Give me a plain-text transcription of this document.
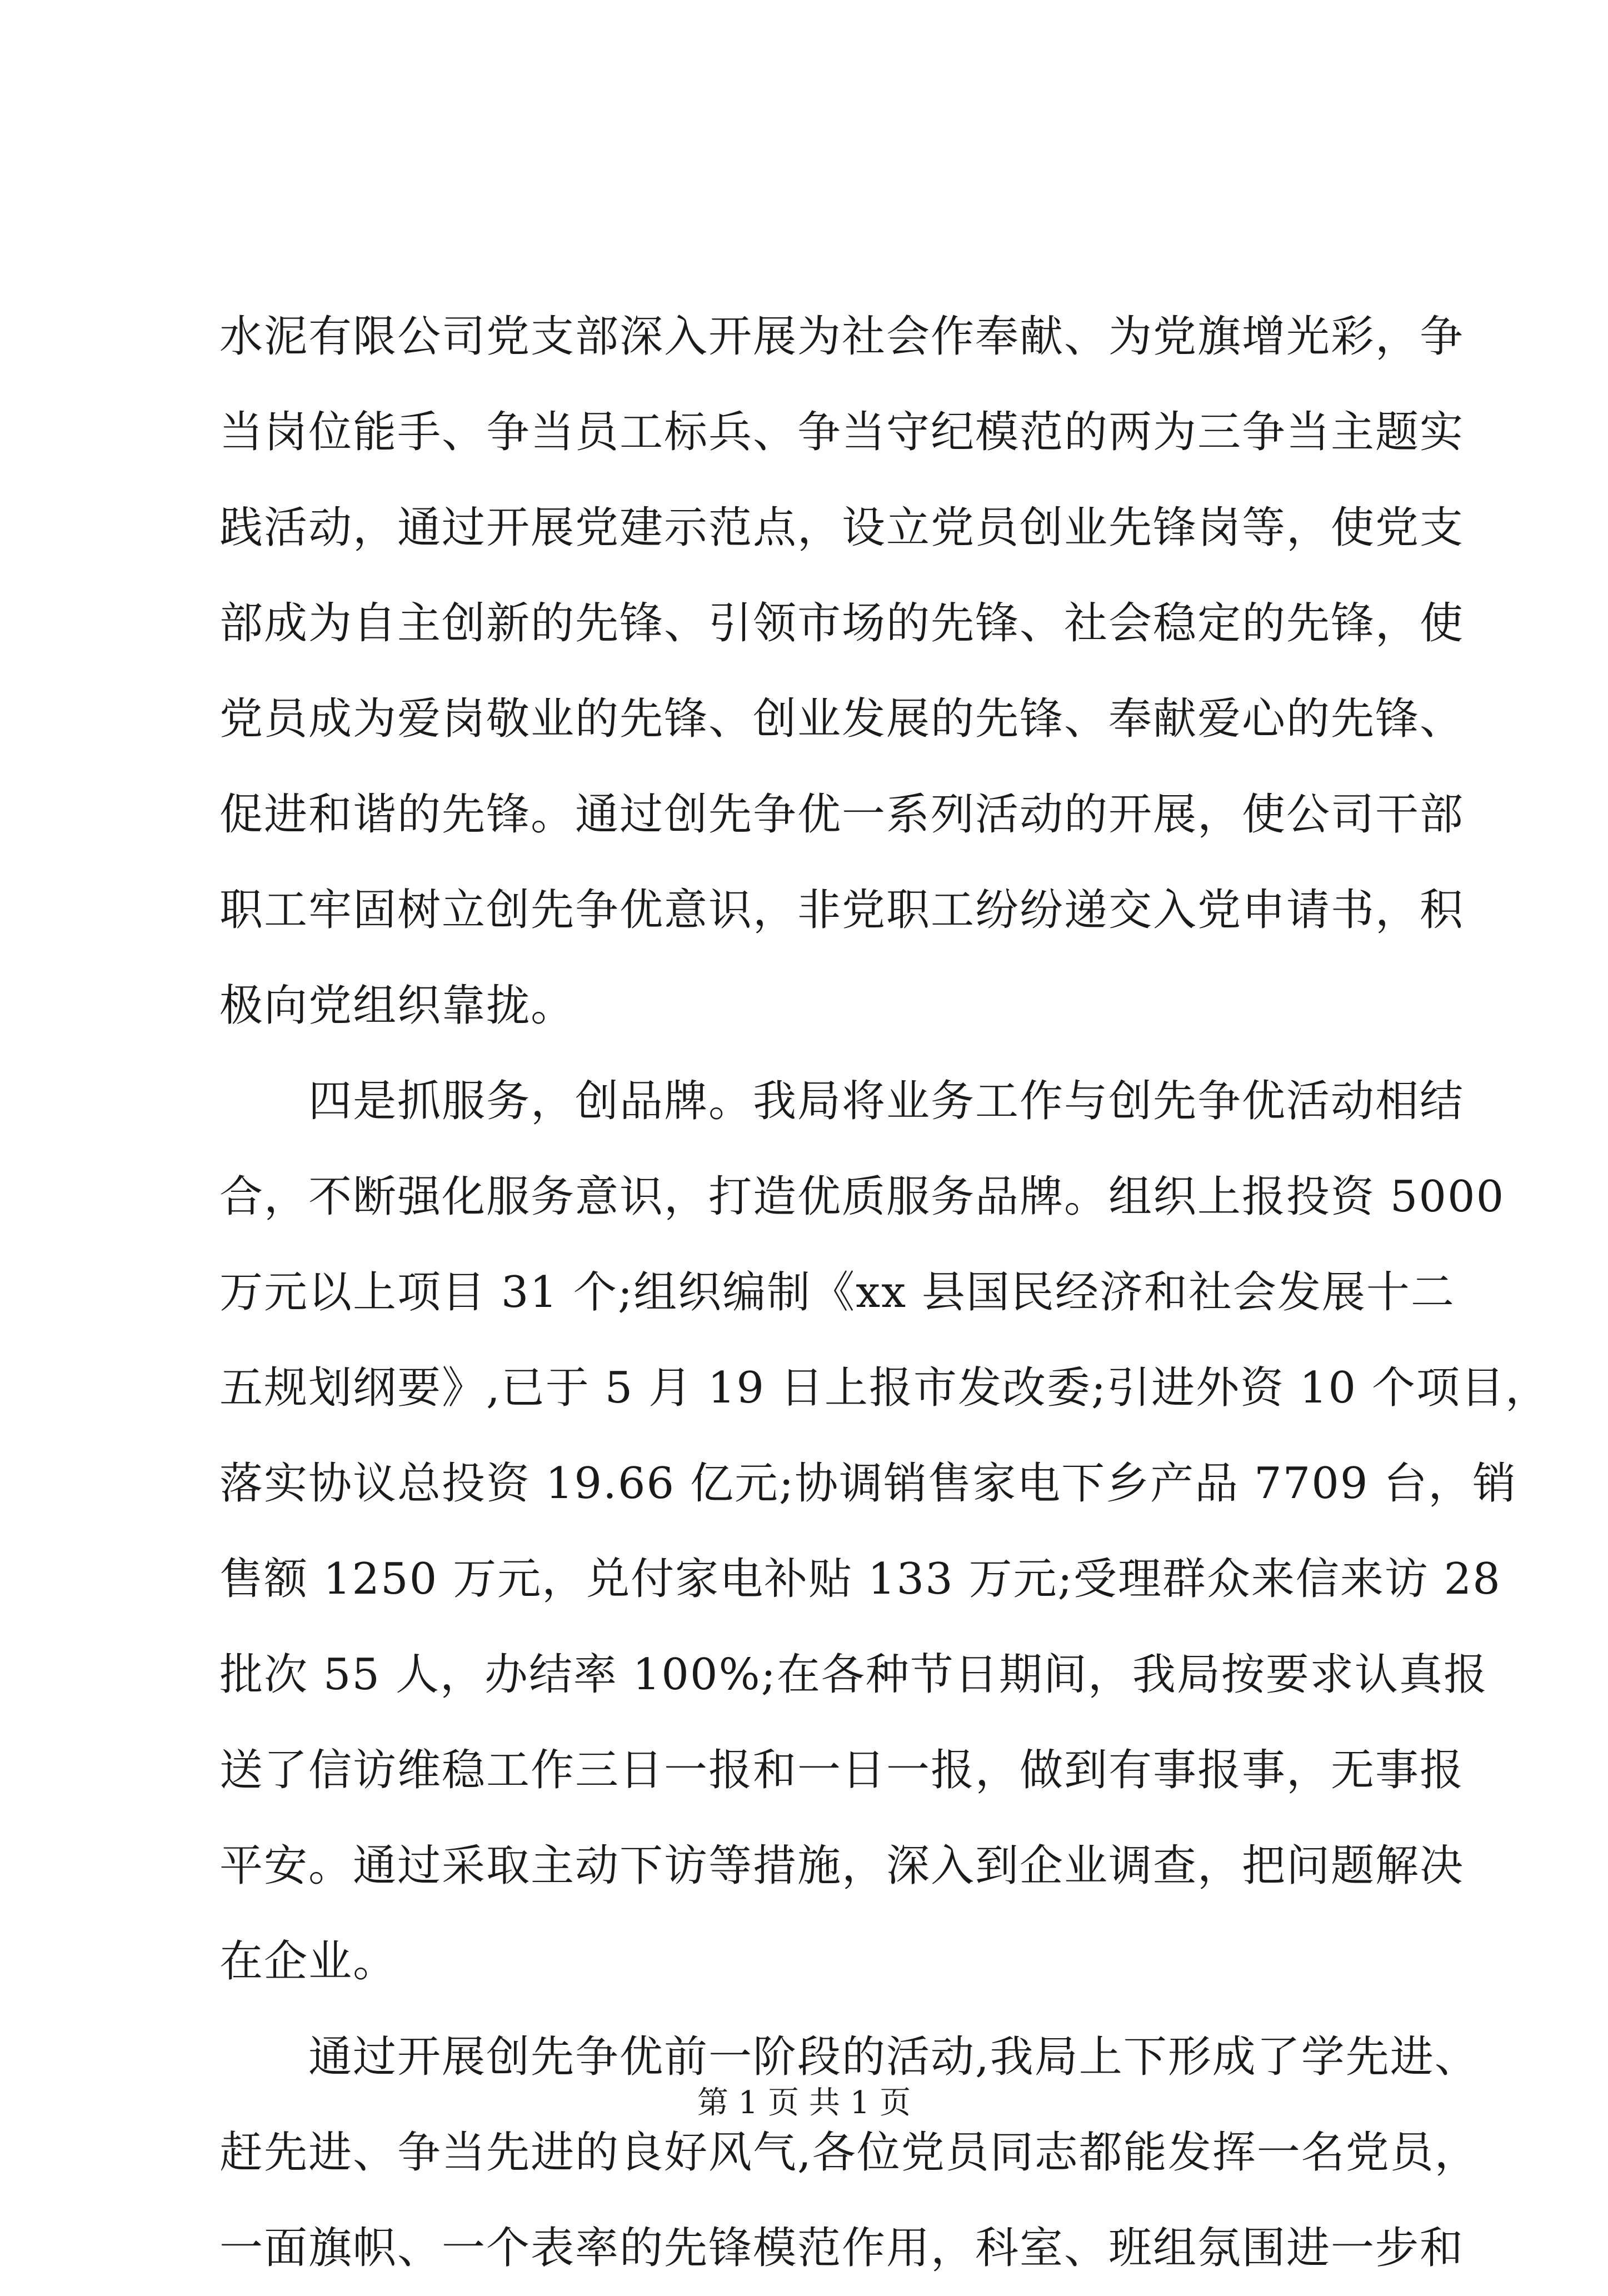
水泥有限公司党支部深入开展为社会作奉献、为党旗增光彩，争
当岗位能手、争当员工标兵、争当守纪模范的两为三争当主题实
践活动，通过开展党建示范点，设立党员创业先锋岗等，使党支
部成为自主创新的先锋、引领市场的先锋、社会稳定的先锋，使
党员成为爱岗敬业的先锋、创业发展的先锋、奉献爱心的先锋、
促进和谐的先锋。通过创先争优一系列活动的开展，使公司干部
职工牢固树立创先争优意识，非党职工纷纷递交入党申请书，积
极向党组织靠拢。
四是抓服务，创品牌。我局将业务工作与创先争优活动相结
合，不断强化服务意识，打造优质服务品牌。组织上报投资 5000
万元以上项目 31 个;组织编制《xx 县国民经济和社会发展十二
五规划纲要》,已于 5 月 19 日上报市发改委;引进外资 10 个项目，
落实协议总投资 19.66 亿元;协调销售家电下乡产品 7709 台，销
售额 1250 万元，兑付家电补贴 133 万元;受理群众来信来访 28
批次 55 人，办结率 100%;在各种节日期间，我局按要求认真报
送了信访维稳工作三日一报和一日一报，做到有事报事，无事报
平安。通过采取主动下访等措施，深入到企业调查，把问题解决
在企业。
通过开展创先争优前一阶段的活动,我局上下形成了学先进、
赶先进、争当先进的良好风气,各位党员同志都能发挥一名党员，
一面旗帜、一个表率的先锋模范作用，科室、班组氛围进一步和
第 1 页 共 1 页
